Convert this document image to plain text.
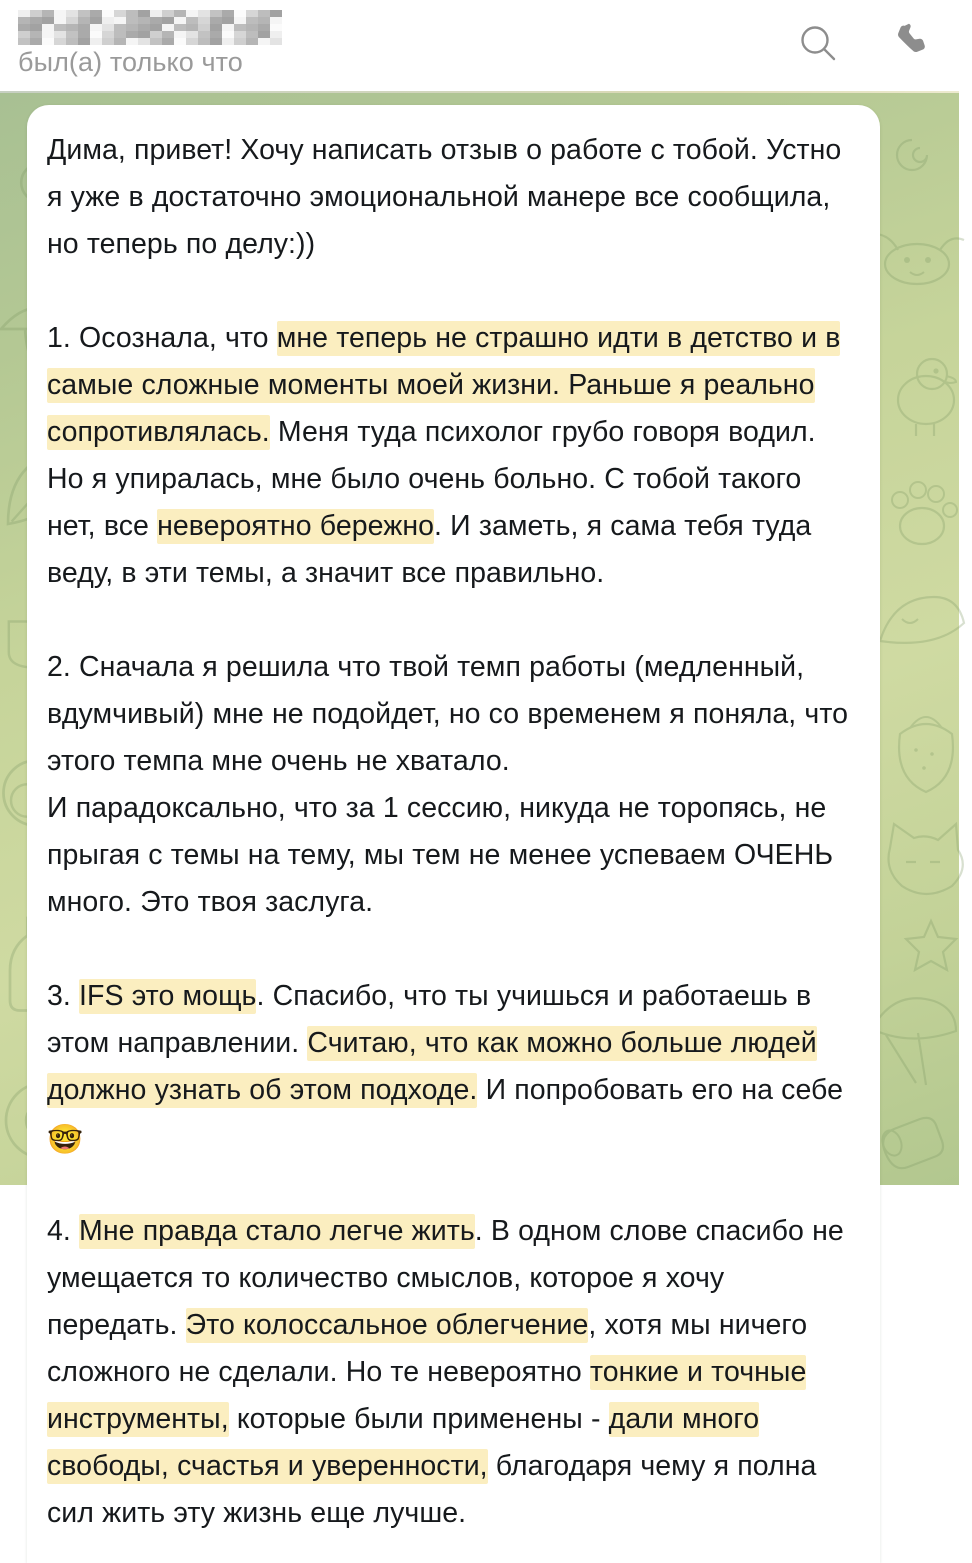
был(а) только что

Дима, привет! Хочу написать отзыв о работе с тобой. Устно я уже в достаточно эмоциональной манере все сообщила, но теперь по делу:))

1. Осознала, что мне теперь не страшно идти в детство и в самые сложные моменты моей жизни. Раньше я реально сопротивлялась. Меня туда психолог грубо говоря водил. Но я упиралась, мне было очень больно. С тобой такого нет, все невероятно бережно. И заметь, я сама тебя туда веду, в эти темы, а значит все правильно.

2. Сначала я решила что твой темп работы (медленный, вдумчивый) мне не подойдет, но со временем я поняла, что этого темпа мне очень не хватало.

И парадоксально, что за 1 сессию, никуда не торопясь, не прыгая с темы на тему, мы тем не менее успеваем ОЧЕНЬ много. Это твоя заслуга.

3. IFS это мощь. Спасибо, что ты учишься и работаешь в этом направлении. Считаю, что как можно больше людей должно узнать об этом подходе. И попробовать его на себе 🤓

4. Мне правда стало легче жить. В одном слове спасибо не умещается то количество смыслов, которое я хочу передать. Это колоссальное облегчение, хотя мы ничего сложного не сделали. Но те невероятно тонкие и точные инструменты, которые были применены - дали много свободы, счастья и уверенности, благодаря чему я полна сил жить эту жизнь еще лучше.
